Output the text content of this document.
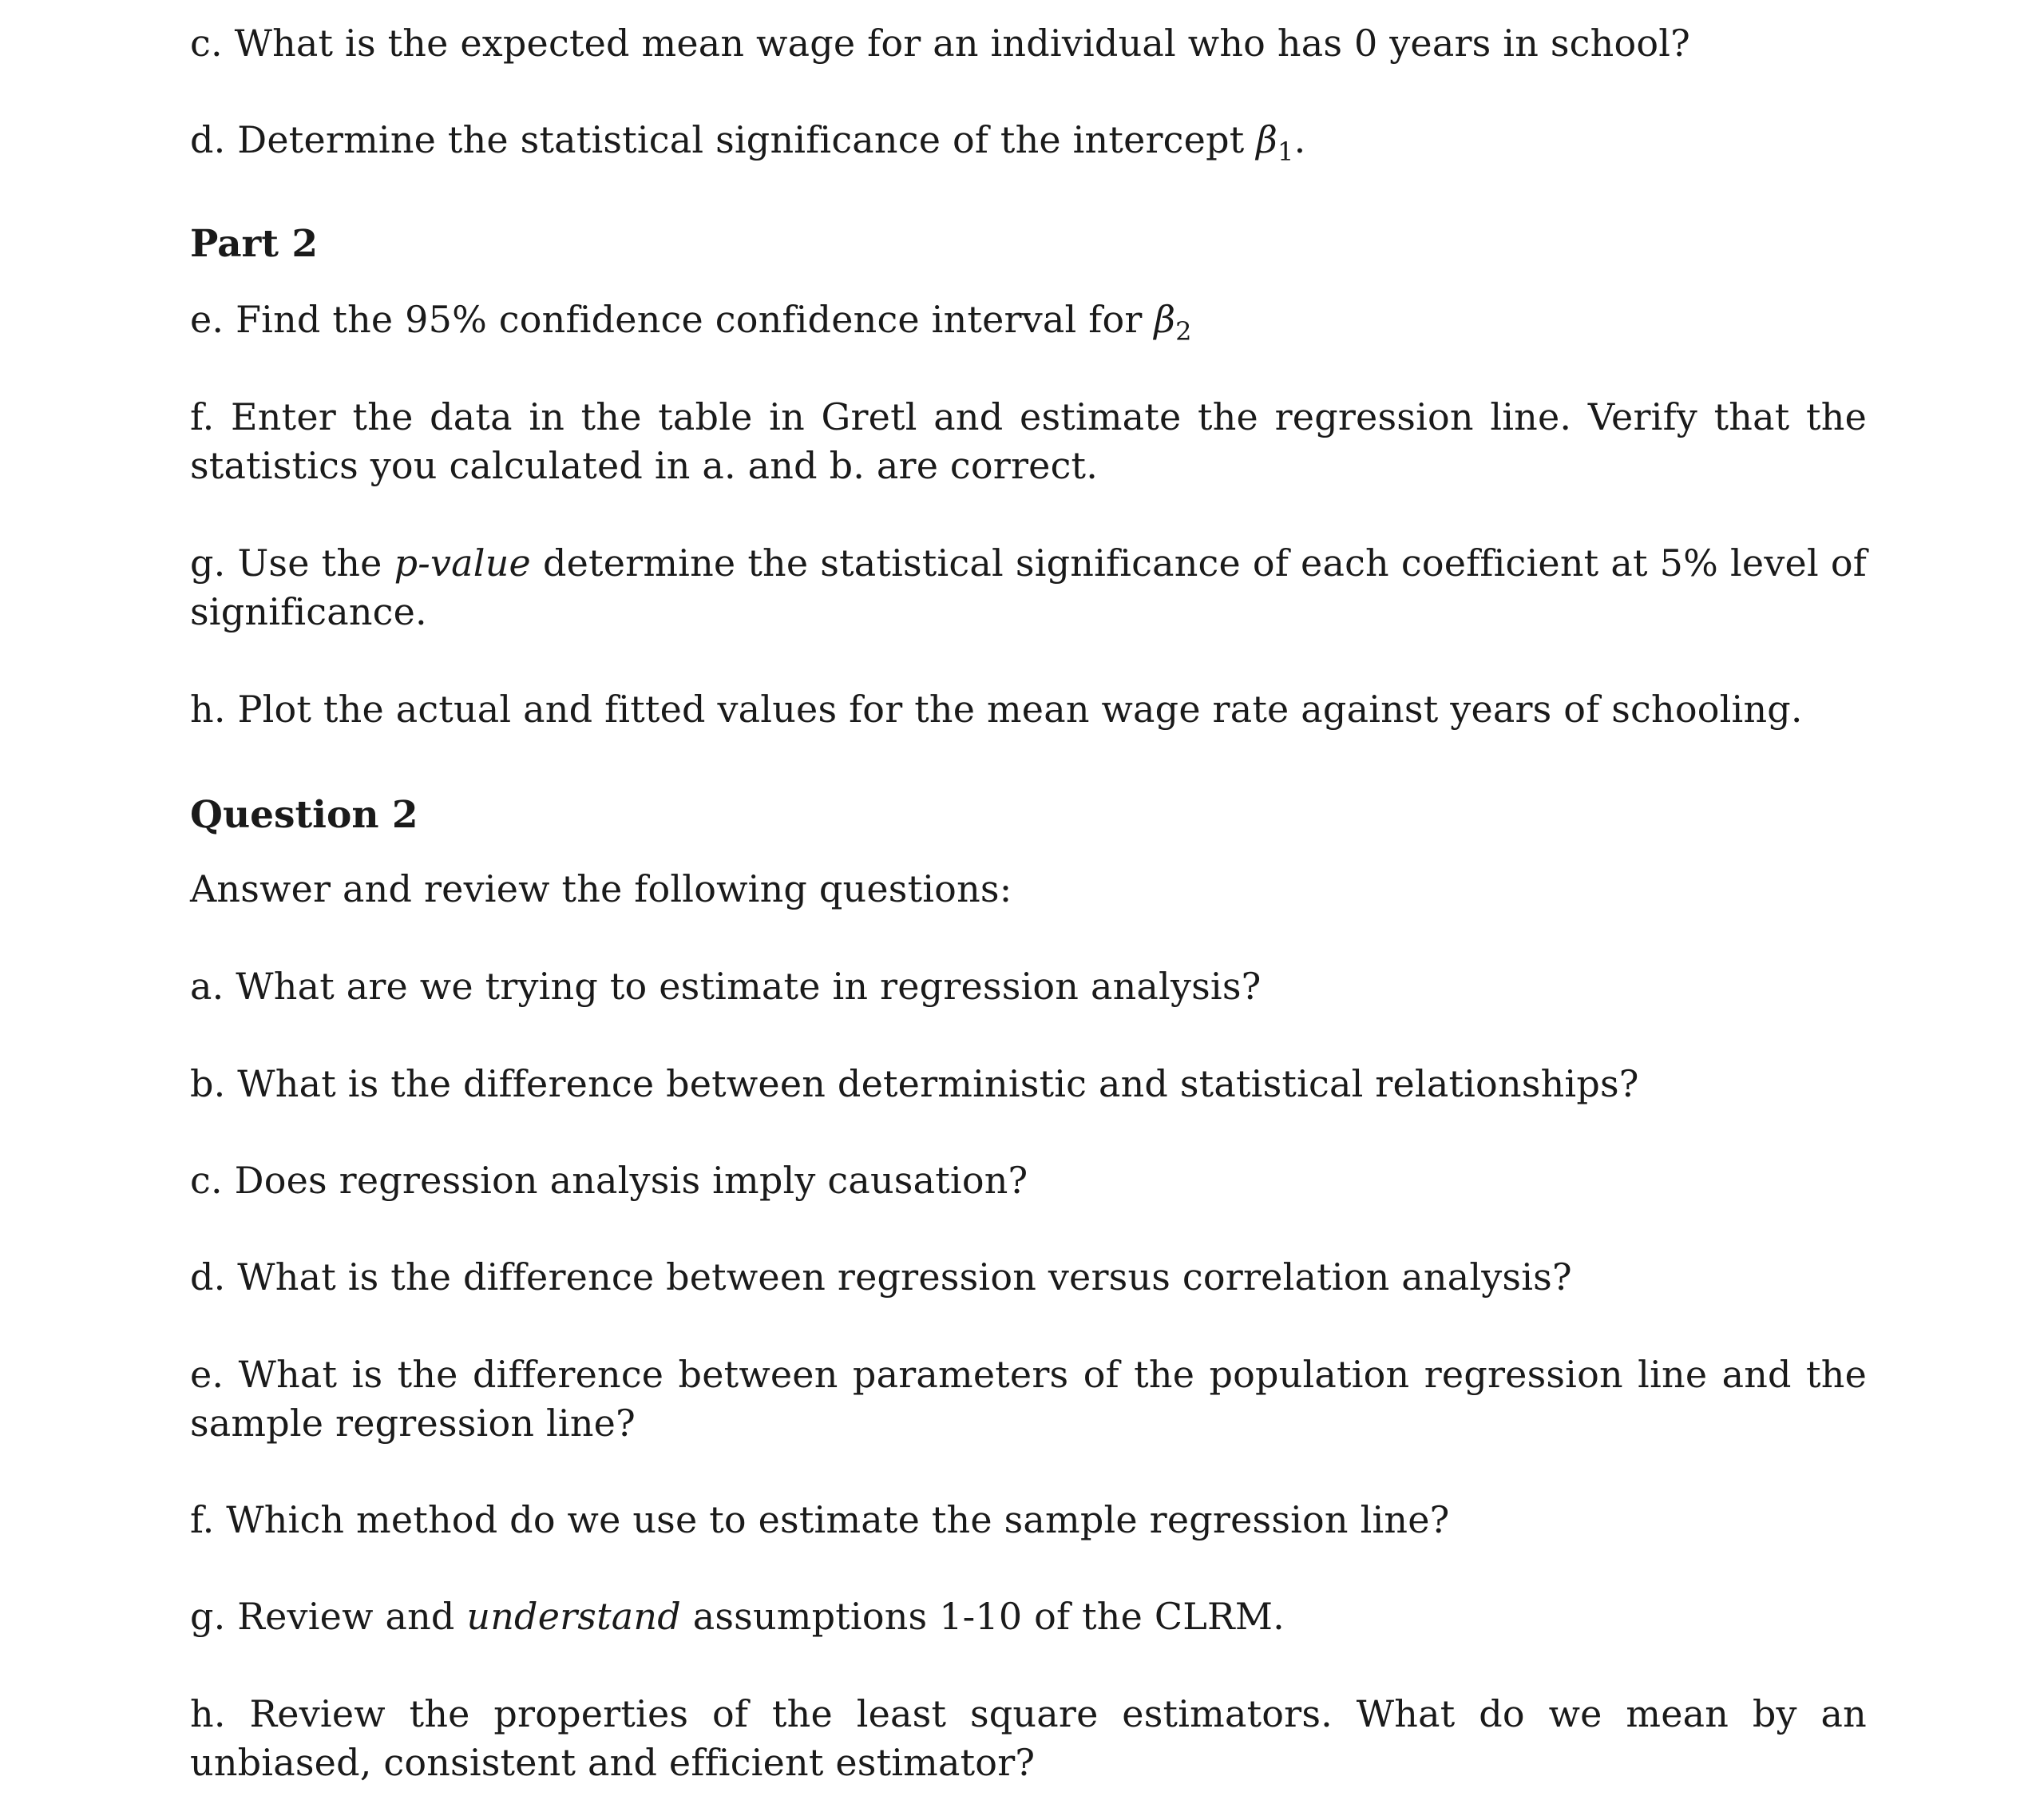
c. What is the expected mean wage for an individual who has 0 years in school?
d. Determine the statistical significance of the intercept $\beta_1$.
Part 2
e. Find the 95% confidence confidence interval for $\beta_2$
f. Enter the data in the table in Gretl and estimate the regression line. Verify that the statistics you calculated in a. and b. are correct.
g. Use the p-value determine the statistical significance of each coefficient at 5% level of significance.
h. Plot the actual and fitted values for the mean wage rate against years of schooling.
Question 2
Answer and review the following questions:
a. What are we trying to estimate in regression analysis?
b. What is the difference between deterministic and statistical relationships?
c. Does regression analysis imply causation?
d. What is the difference between regression versus correlation analysis?
e. What is the difference between parameters of the population regression line and the sample regression line?
f. Which method do we use to estimate the sample regression line?
g. Review and understand assumptions 1-10 of the CLRM.
h. Review the properties of the least square estimators. What do we mean by an unbiased, consistent and efficient estimator?
